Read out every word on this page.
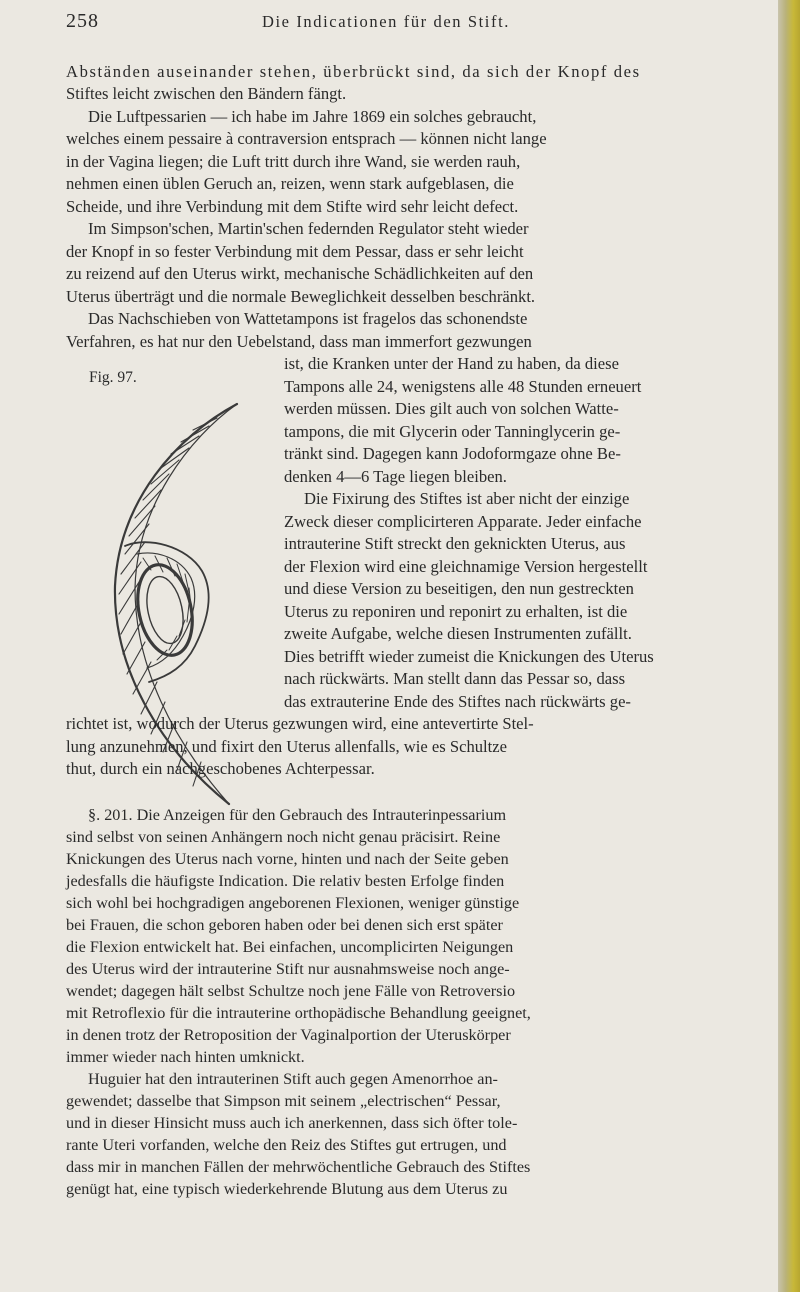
258	Die Indicationen für den Stift.
Fig. 97.
Abständen auseinander stehen, überbrückt sind, da sich der Knopf des
Stiftes leicht zwischen den Bändern fängt.
Die Luftpessarien — ich habe im Jahre 1869 ein solches gebraucht,
welches einem pessaire à contraversion entsprach — können nicht lange
in der Vagina liegen; die Luft tritt durch ihre Wand, sie werden rauh,
nehmen einen üblen Geruch an, reizen, wenn stark aufgeblasen, die
Scheide, und ihre Verbindung mit dem Stifte wird sehr leicht defect.
Im Simpson'schen, Martin'schen federnden Regulator steht wieder
der Knopf in so fester Verbindung mit dem Pessar, dass er sehr leicht
zu reizend auf den Uterus wirkt, mechanische Schädlichkeiten auf den
Uterus überträgt und die normale Beweglichkeit desselben beschränkt.
Das Nachschieben von Wattetampons ist fragelos das schonendste
Verfahren, es hat nur den Uebelstand, dass man immerfort gezwungen
ist, die Kranken unter der Hand zu haben, da diese
Tampons alle 24, wenigstens alle 48 Stunden erneuert
werden müssen. Dies gilt auch von solchen Watte-
tampons, die mit Glycerin oder Tanninglycerin ge-
tränkt sind. Dagegen kann Jodoformgaze ohne Be-
denken 4—6 Tage liegen bleiben.
Die Fixirung des Stiftes ist aber nicht der einzige
Zweck dieser complicirteren Apparate. Jeder einfache
intrauterine Stift streckt den geknickten Uterus, aus
der Flexion wird eine gleichnamige Version hergestellt
und diese Version zu beseitigen, den nun gestreckten
Uterus zu reponiren und reponirt zu erhalten, ist die
zweite Aufgabe, welche diesen Instrumenten zufällt.
Dies betrifft wieder zumeist die Knickungen des Uterus
nach rückwärts. Man stellt dann das Pessar so, dass
das extrauterine Ende des Stiftes nach rückwärts ge-
richtet ist, wodurch der Uterus gezwungen wird, eine antevertirte Stel-
lung anzunehmen, und fixirt den Uterus allenfalls, wie es Schultze
thut, durch ein nachgeschobenes Achterpessar.
§. 201. Die Anzeigen für den Gebrauch des Intrauterinpessarium
sind selbst von seinen Anhängern noch nicht genau präcisirt. Reine
Knickungen des Uterus nach vorne, hinten und nach der Seite geben
jedesfalls die häufigste Indication. Die relativ besten Erfolge finden
sich wohl bei hochgradigen angeborenen Flexionen, weniger günstige
bei Frauen, die schon geboren haben oder bei denen sich erst später
die Flexion entwickelt hat. Bei einfachen, uncomplicirten Neigungen
des Uterus wird der intrauterine Stift nur ausnahmsweise noch ange-
wendet; dagegen hält selbst Schultze noch jene Fälle von Retroversio
mit Retroflexio für die intrauterine orthopädische Behandlung geeignet,
in denen trotz der Retroposition der Vaginalportion der Uteruskörper
immer wieder nach hinten umknickt.
Huguier hat den intrauterinen Stift auch gegen Amenorrhoe an-
gewendet; dasselbe that Simpson mit seinem „electrischen“ Pessar,
und in dieser Hinsicht muss auch ich anerkennen, dass sich öfter tole-
rante Uteri vorfanden, welche den Reiz des Stiftes gut ertrugen, und
dass mir in manchen Fällen der mehrwöchentliche Gebrauch des Stiftes
genügt hat, eine typisch wiederkehrende Blutung aus dem Uterus zu
